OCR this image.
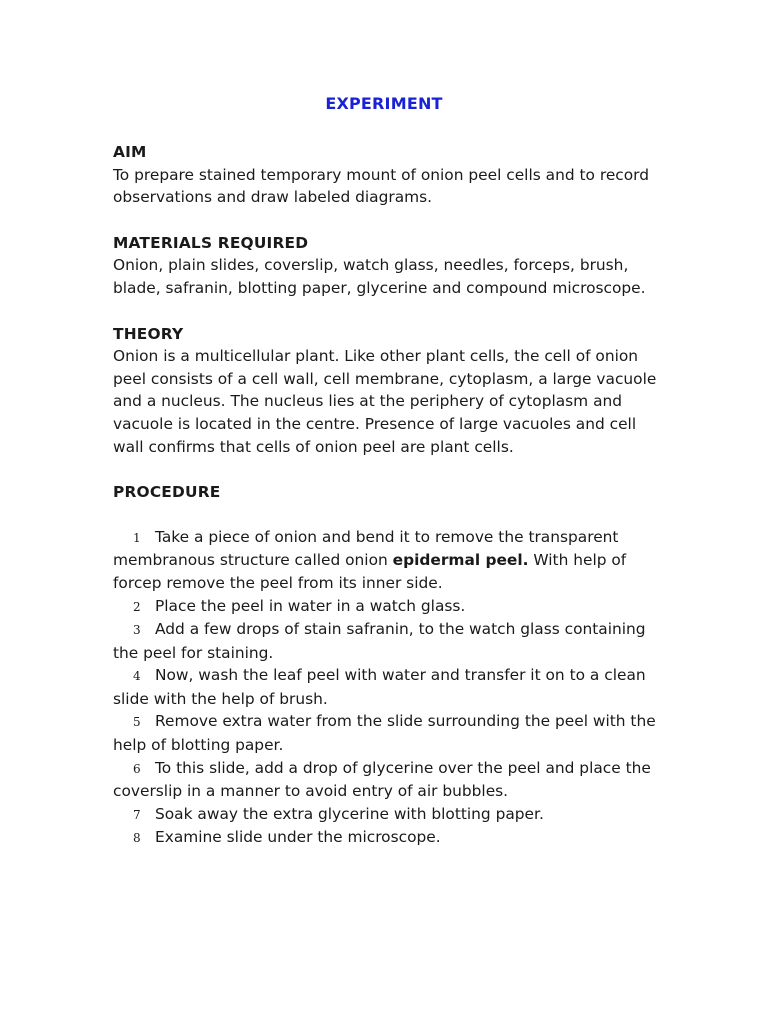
EXPERIMENT
AIM

To prepare stained temporary mount of onion peel cells and to record observations and draw labeled diagrams.

MATERIALS REQUIRED

Onion, plain slides, coverslip, watch glass, needles, forceps, brush, blade, safranin, blotting paper, glycerine and compound microscope.

THEORY

Onion is a multicellular plant. Like other plant cells, the cell of onion peel consists of a cell wall, cell membrane, cytoplasm, a large vacuole and a nucleus. The nucleus lies at the periphery of cytoplasm and vacuole is located in the centre. Presence of large vacuoles and cell wall confirms that cells of onion peel are plant cells.

PROCEDURE
1 Take a piece of onion and bend it to remove the transparent membranous structure called onion epidermal peel. With help of forcep remove the peel from its inner side.
2 Place the peel in water in a watch glass.
3 Add a few drops of stain safranin, to the watch glass containing the peel for staining.
4 Now, wash the leaf peel with water and transfer it on to a clean slide with the help of brush.
5 Remove extra water from the slide surrounding the peel with the help of blotting paper.
6 To this slide, add a drop of glycerine over the peel and place the coverslip in a manner to avoid entry of air bubbles.
7 Soak away the extra glycerine with blotting paper.
8 Examine slide under the microscope.
